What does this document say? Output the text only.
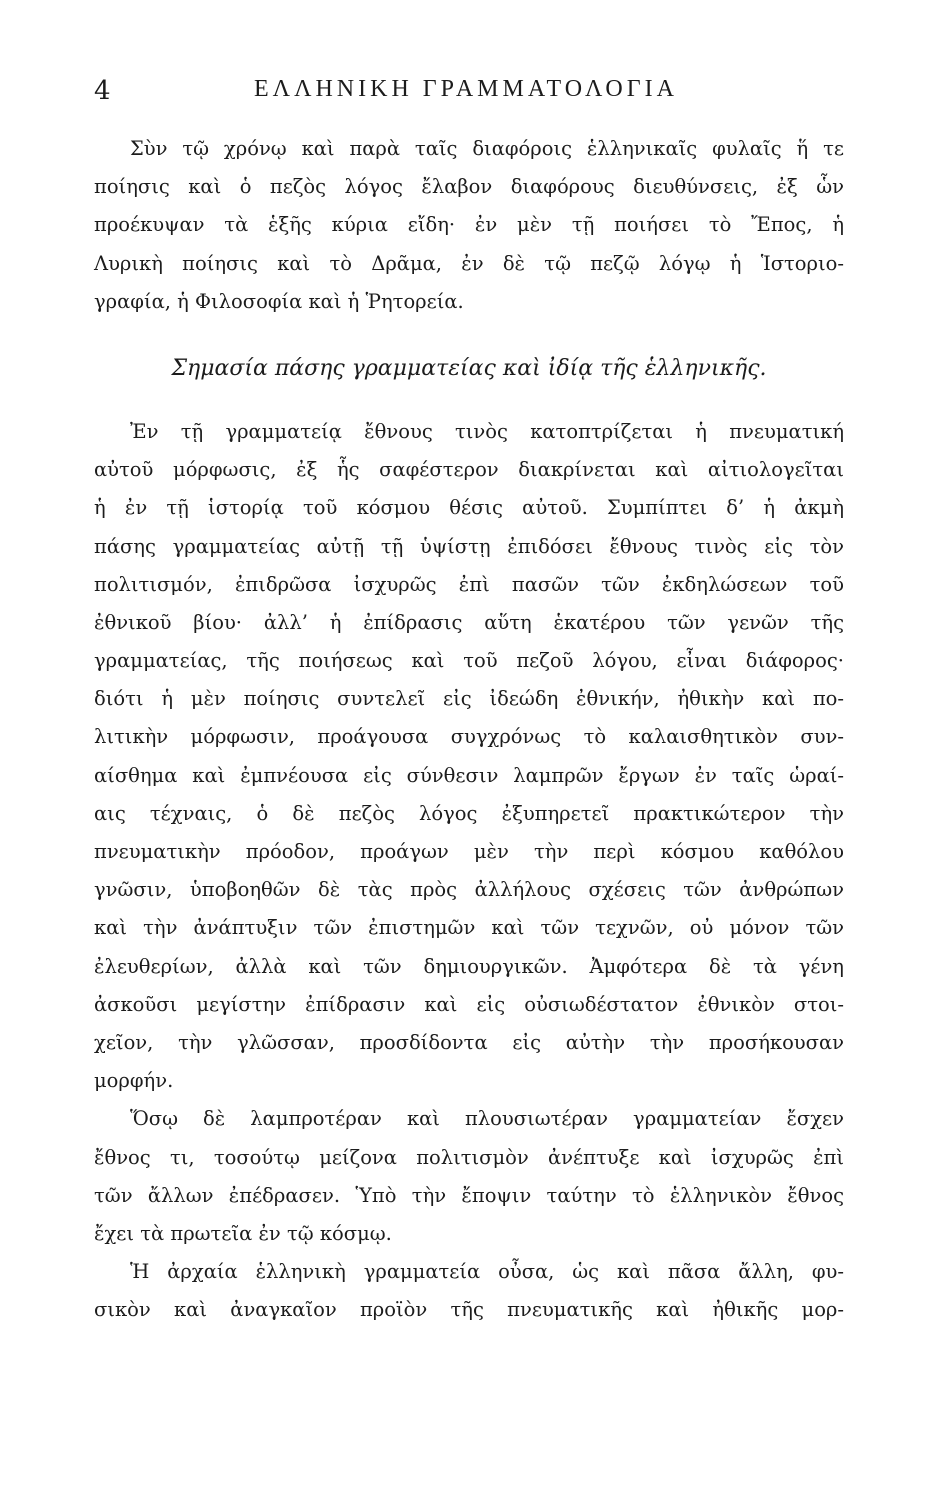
4	ΕΛΛΗΝΙΚΗ ΓΡΑΜΜΑΤΟΛΟΓΙΑ
Σὺν τῷ χρόνῳ καὶ παρὰ ταῖς διαφόροις ἑλληνικαῖς φυλαῖς ἥ τε
ποίησις καὶ ὁ πεζὸς λόγος ἔλαβον διαφόρους διευθύνσεις, ἐξ ὧν
προέκυψαν τὰ ἑξῆς κύρια εἴδη· ἐν μὲν τῇ ποιήσει τὸ Ἔπος, ἡ
Λυρικὴ ποίησις καὶ τὸ Δρᾶμα, ἐν δὲ τῷ πεζῷ λόγῳ ἡ Ἱστοριο-
γραφία, ἡ Φιλοσοφία καὶ ἡ Ῥητορεία.
Σημασία πάσης γραμματείας καὶ ἰδίᾳ τῆς ἑλληνικῆς.
Ἐν τῇ γραμματείᾳ ἔθνους τινὸς κατοπτρίζεται ἡ πνευματική
αὐτοῦ μόρφωσις, ἐξ ἧς σαφέστερον διακρίνεται καὶ αἰτιολογεῖται
ἡ ἐν τῇ ἱστορίᾳ τοῦ κόσμου θέσις αὐτοῦ. Συμπίπτει δ’ ἡ ἀκμὴ
πάσης γραμματείας αὐτῇ τῇ ὑψίστῃ ἐπιδόσει ἔθνους τινὸς εἰς τὸν
πολιτισμόν, ἐπιδρῶσα ἰσχυρῶς ἐπὶ πασῶν τῶν ἐκδηλώσεων τοῦ
ἐθνικοῦ βίου· ἀλλ’ ἡ ἐπίδρασις αὕτη ἑκατέρου τῶν γενῶν τῆς
γραμματείας, τῆς ποιήσεως καὶ τοῦ πεζοῦ λόγου, εἶναι διάφορος·
διότι ἡ μὲν ποίησις συντελεῖ εἰς ἰδεώδη ἐθνικήν, ἠθικὴν καὶ πο-
λιτικὴν μόρφωσιν, προάγουσα συγχρόνως τὸ καλαισθητικὸν συν-
αίσθημα καὶ ἐμπνέουσα εἰς σύνθεσιν λαμπρῶν ἔργων ἐν ταῖς ὡραί-
αις τέχναις, ὁ δὲ πεζὸς λόγος ἐξυπηρετεῖ πρακτικώτερον τὴν
πνευματικὴν πρόοδον, προάγων μὲν τὴν περὶ κόσμου καθόλου
γνῶσιν, ὑποβοηθῶν δὲ τὰς πρὸς ἀλλήλους σχέσεις τῶν ἀνθρώπων
καὶ τὴν ἀνάπτυξιν τῶν ἐπιστημῶν καὶ τῶν τεχνῶν, οὐ μόνον τῶν
ἐλευθερίων, ἀλλὰ καὶ τῶν δημιουργικῶν. Ἀμφότερα δὲ τὰ γένη
ἀσκοῦσι μεγίστην ἐπίδρασιν καὶ εἰς οὐσιωδέστατον ἐθνικὸν στοι-
χεῖον, τὴν γλῶσσαν, προσδίδοντα εἰς αὐτὴν τὴν προσήκουσαν
μορφήν.
Ὅσῳ δὲ λαμπροτέραν καὶ πλουσιωτέραν γραμματείαν ἔσχεν
ἔθνος τι, τοσούτῳ μείζονα πολιτισμὸν ἀνέπτυξε καὶ ἰσχυρῶς ἐπὶ
τῶν ἄλλων ἐπέδρασεν. Ὑπὸ τὴν ἔποψιν ταύτην τὸ ἑλληνικὸν ἔθνος
ἔχει τὰ πρωτεῖα ἐν τῷ κόσμῳ.
Ἡ ἀρχαία ἑλληνικὴ γραμματεία οὖσα, ὡς καὶ πᾶσα ἄλλη, φυ-
σικὸν καὶ ἀναγκαῖον προϊὸν τῆς πνευματικῆς καὶ ἠθικῆς μορ-
